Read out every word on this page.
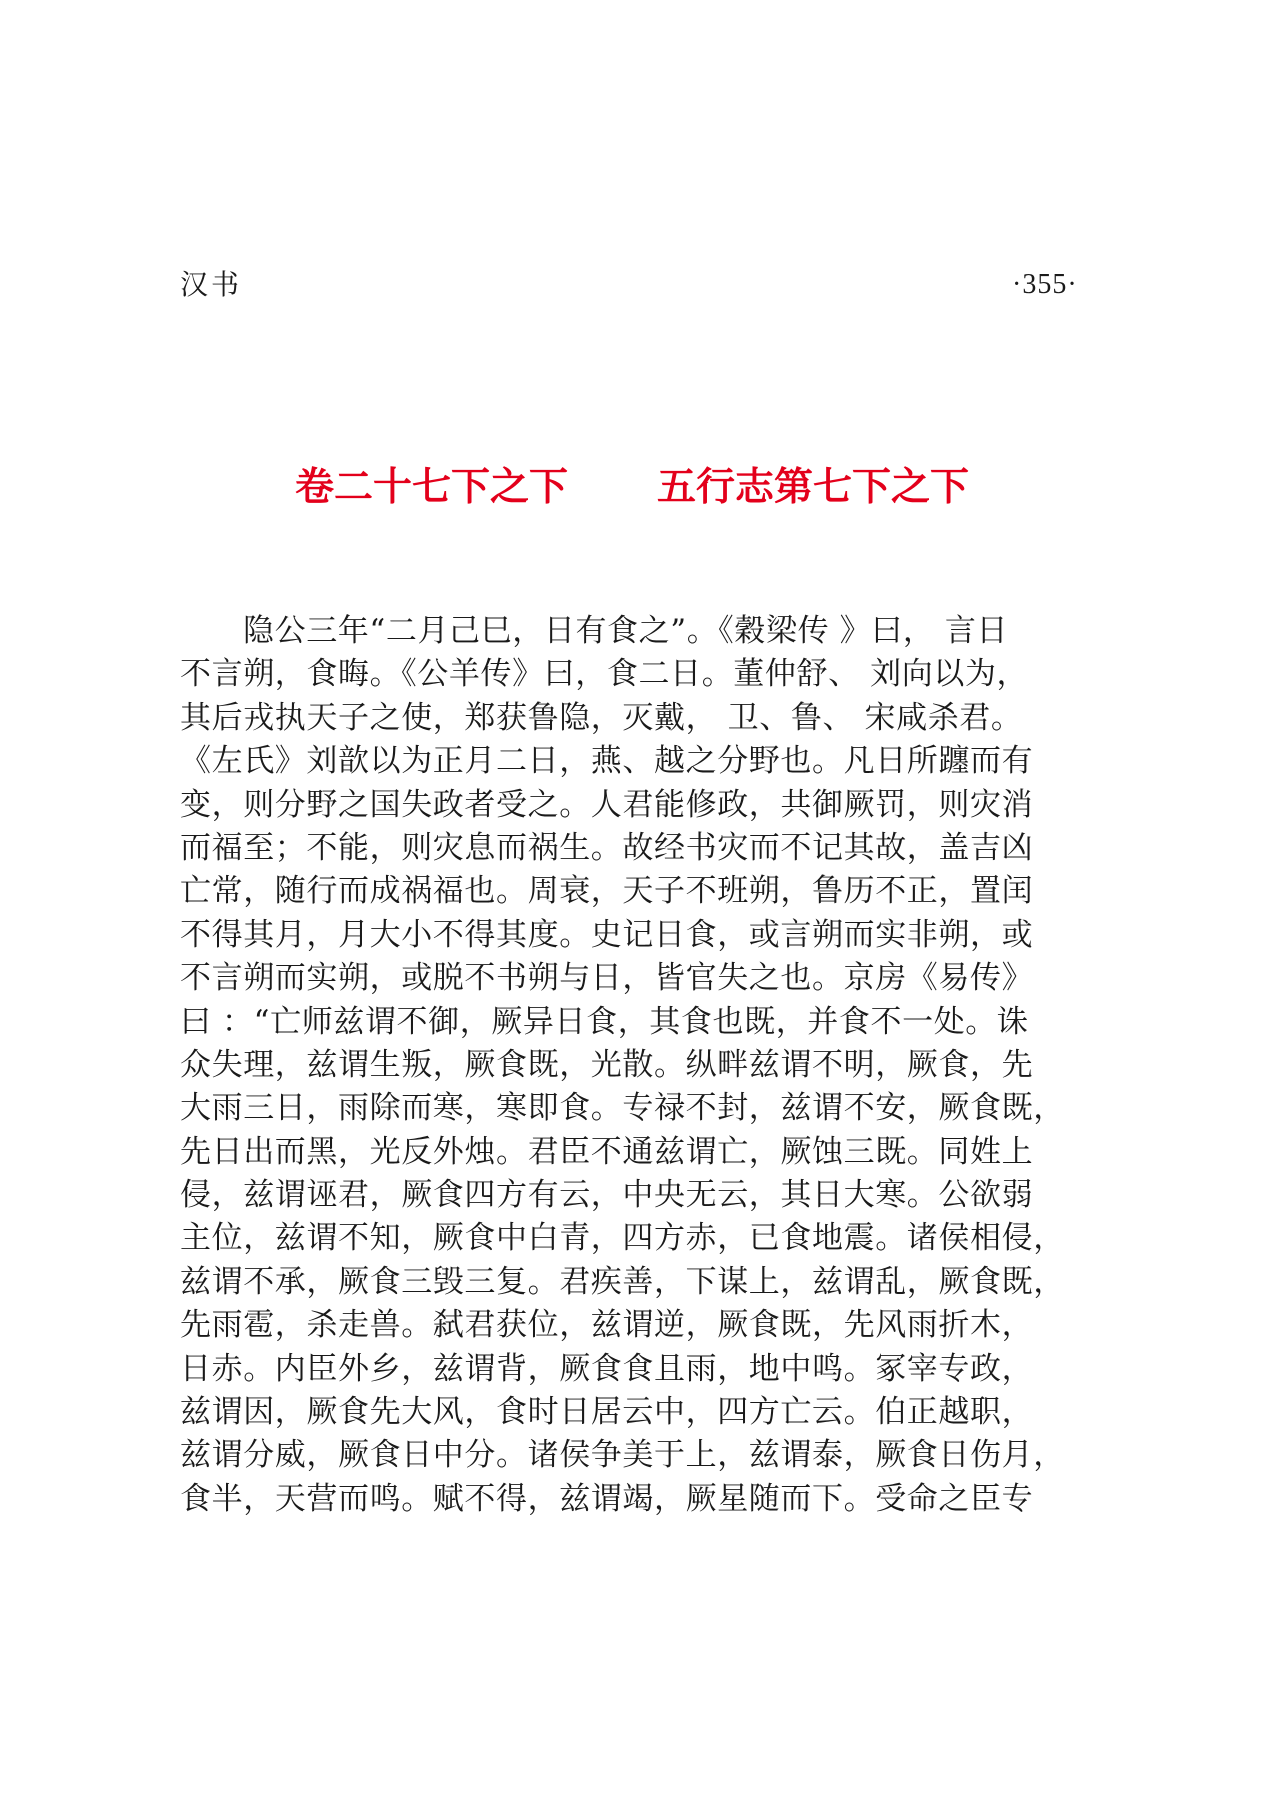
汉书	·355·
卷二十七下之下 五行志第七下之下
隐公三年“二月己巳，日有食之”。《穀梁传 》曰， 言日
不言朔，食晦。《公羊传》曰，食二日。董仲舒、 刘向以为，
其后戎执天子之使，郑获鲁隐，灭戴， 卫、鲁、 宋咸杀君。
《左氏》刘歆以为正月二日，燕、越之分野也。凡日所躔而有
变，则分野之国失政者受之。人君能修政，共御厥罚，则灾消
而福至；不能，则灾息而祸生。故经书灾而不记其故，盖吉凶
亡常，随行而成祸福也。周衰，天子不班朔，鲁历不正，置闰
不得其月，月大小不得其度。史记日食，或言朔而实非朔，或
不言朔而实朔，或脱不书朔与日，皆官失之也。京房《易传》
曰 ：“亡师兹谓不御，厥异日食，其食也既，并食不一处。诛
众失理，兹谓生叛，厥食既，光散。纵畔兹谓不明，厥食，先
大雨三日，雨除而寒，寒即食。专禄不封，兹谓不安，厥食既，
先日出而黑，光反外烛。君臣不通兹谓亡，厥蚀三既。同姓上
侵，兹谓诬君，厥食四方有云，中央无云，其日大寒。公欲弱
主位，兹谓不知，厥食中白青，四方赤，已食地震。诸侯相侵，
兹谓不承，厥食三毁三复。君疾善，下谋上，兹谓乱，厥食既，
先雨雹，杀走兽。弑君获位，兹谓逆，厥食既，先风雨折木，
日赤。内臣外乡，兹谓背，厥食食且雨，地中鸣。冢宰专政，
兹谓因，厥食先大风，食时日居云中，四方亡云。伯正越职，
兹谓分威，厥食日中分。诸侯争美于上，兹谓泰，厥食日伤月，
食半，天营而鸣。赋不得，兹谓竭，厥星随而下。受命之臣专
